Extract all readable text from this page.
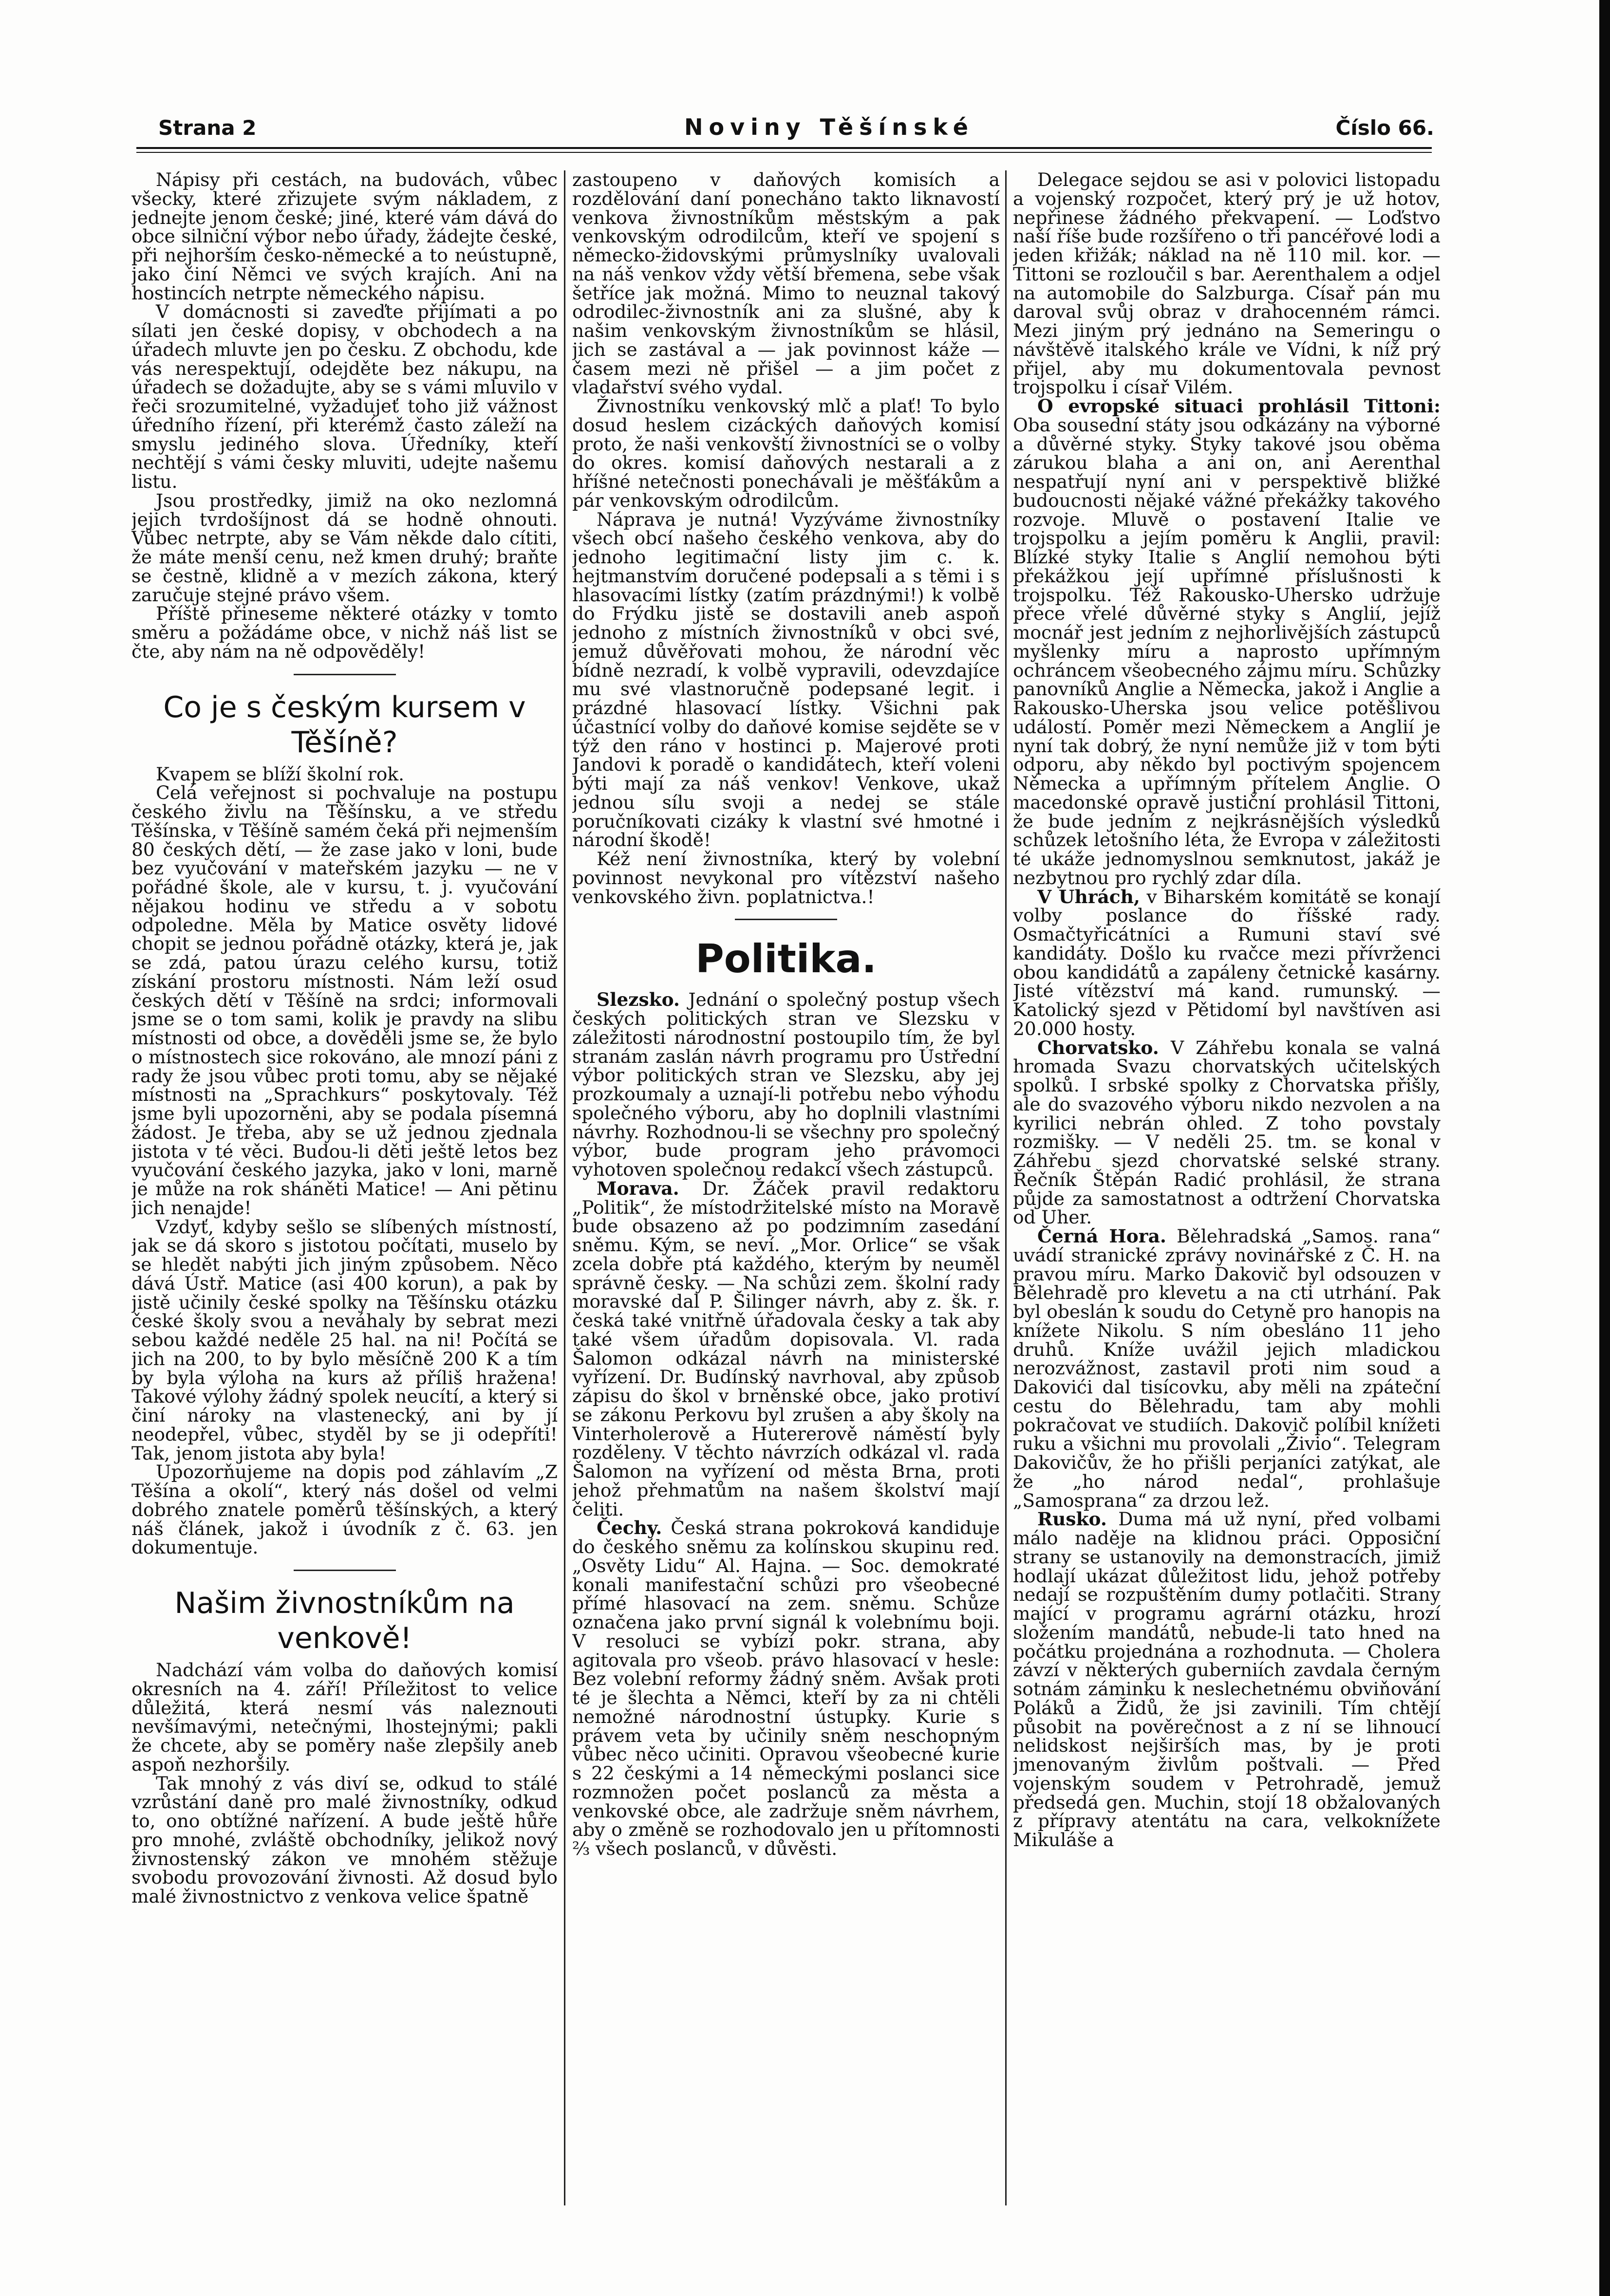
Strana 2	Noviny Těšínské	Číslo 66.

Nápisy při cestách, na budovách, vůbec všecky, které zřizujete svým nákladem, z jednejte jenom české; jiné, které vám dává do obce silniční výbor nebo úřady, žádejte české, při nejhorším česko-německé a to neústupně, jako činí Němci ve svých krajích. Ani na hostincích netrpte německého nápisu.

V domácnosti si zaveďte přijímati a po sílati jen české dopisy, v obchodech a na úřadech mluvte jen po česku. Z obchodu, kde vás nerespektují, odejděte bez nákupu, na úřadech se dožadujte, aby se s vámi mluvilo v řeči srozumitelné, vyžadujeť toho již vážnost úředního řízení, při kterémž často záleží na smyslu jediného slova. Úředníky, kteří nechtějí s vámi česky mluviti, udejte našemu listu.

Jsou prostředky, jimiž na oko nezlomná jejich tvrdošíjnost dá se hodně ohnouti. Vůbec netrpte, aby se Vám někde dalo cítiti, že máte menší cenu, než kmen druhý; braňte se čestně, klidně a v mezích zákona, který zaručuje stejné právo všem.

Příště přineseme některé otázky v tomto směru a požádáme obce, v nichž náš list se čte, aby nám na ně odpověděly!

Co je s českým kursem v Těšíně?

Kvapem se blíží školní rok.

Celá veřejnost si pochvaluje na postupu českého živlu na Těšínsku, a ve středu Těšínska, v Těšíně samém čeká při nejmenším 80 českých dětí, — že zase jako v loni, bude bez vyučování v mateřském jazyku — ne v pořádné škole, ale v kursu, t. j. vyučování nějakou hodinu ve středu a v sobotu odpoledne. Měla by Matice osvěty lidové chopit se jednou pořádně otázky, která je, jak se zdá, patou úrazu celého kursu, totiž získání prostoru místnosti. Nám leží osud českých dětí v Těšíně na srdci; informovali jsme se o tom sami, kolik je pravdy na slibu místnosti od obce, a dověděli jsme se, že bylo o místnostech sice rokováno, ale mnozí páni z rady že jsou vůbec proti tomu, aby se nějaké místnosti na „Sprachkurs“ poskytovaly. Též jsme byli upozorněni, aby se podala písemná žádost. Je třeba, aby se už jednou zjednala jistota v té věci. Budou-li děti ještě letos bez vyučování českého jazyka, jako v loni, marně je může na rok sháněti Matice! — Ani pětinu jich nenajde!

Vzdyť, kdyby sešlo se slíbených místností, jak se dá skoro s jistotou počítati, muselo by se hledět nabýti jich jiným způsobem. Něco dává Ústř. Matice (asi 400 korun), a pak by jistě učinily české spolky na Těšínsku otázku české školy svou a neváhaly by sebrat mezi sebou každé neděle 25 hal. na ni! Počítá se jich na 200, to by bylo měsíčně 200 K a tím by byla výloha na kurs až příliš hražena! Takové výlohy žádný spolek neucítí, a který si činí nároky na vlastenecký, ani by jí neodepřel, vůbec, styděl by se ji odepříti! Tak, jenom jistota aby byla!

Upozorňujeme na dopis pod záhlavím „Z Těšína a okolí“, který nás došel od velmi dobrého znatele poměrů těšínských, a který náš článek, jakož i úvodník z č. 63. jen dokumentuje.

Našim živnostníkům na venkově!

Nadchází vám volba do daňových komisí okresních na 4. září! Příležitost to velice důležitá, která nesmí vás naleznouti nevšímavými, netečnými, lhostejnými; pakli že chcete, aby se poměry naše zlepšily aneb aspoň nezhoršily.

Tak mnohý z vás diví se, odkud to stálé vzrůstání daně pro malé živnostníky, odkud to, ono obtížné nařízení. A bude ještě hůře pro mnohé, zvláště obchodníky, jelikož nový živnostenský zákon ve mnohém stěžuje svobodu provozování živnosti. Až dosud bylo malé živnostnictvo z venkova velice špatně

zastoupeno v daňových komisích a rozdělování daní ponecháno takto liknavostí venkova živnostníkům městským a pak venkovským odrodilcům, kteří ve spojení s německo-židovskými průmyslníky uvalovali na náš venkov vždy větší břemena, sebe však šetříce jak možná. Mimo to neuznal takový odrodilec-živnostník ani za slušné, aby k našim venkovským živnostníkům se hlásil, jich se zastával a — jak povinnost káže — časem mezi ně přišel — a jim počet z vladařství svého vydal.

Živnostníku venkovský mlč a plať! To bylo dosud heslem cizáckých daňových komisí proto, že naši venkovští živnostníci se o volby do okres. komisí daňových nestarali a z hříšné netečnosti ponechávali je měšťákům a pár venkovským odrodilcům.

Náprava je nutná! Vyzýváme živnostníky všech obcí našeho českého venkova, aby do jednoho legitimační listy jim c. k. hejtmanstvím doručené podepsali a s těmi i s hlasovacími lístky (zatím prázdnými!) k volbě do Frýdku jistě se dostavili aneb aspoň jednoho z místních živnostníků v obci své, jemuž důvěřovati mohou, že národní věc bídně nezradí, k volbě vypravili, odevzdajíce mu své vlastnoručně podepsané legit. i prázdné hlasovací lístky. Všichni pak účastnící volby do daňové komise sejděte se v týž den ráno v hostinci p. Majerové proti Jandovi k poradě o kandidátech, kteří voleni býti mají za náš venkov! Venkove, ukaž jednou sílu svoji a nedej se stále poručníkovati cizáky k vlastní své hmotné i národní škodě!

Kéž není živnostníka, který by volební povinnost nevykonal pro vítězství našeho venkovského živn. poplatnictva.!

Politika.

Slezsko. Jednání o společný postup všech českých politických stran ve Slezsku v záležitosti národnostní postoupilo tím, že byl stranám zaslán návrh programu pro Ústřední výbor politických stran ve Slezsku, aby jej prozkoumaly a uznají-li potřebu nebo výhodu společného výboru, aby ho doplnili vlastními návrhy. Rozhodnou-li se všechny pro společný výbor, bude program jeho právomoci vyhotoven společnou redakcí všech zástupců.

Morava. Dr. Žáček pravil redaktoru „Politik“, že místodržitelské místo na Moravě bude obsazeno až po podzimním zasedání sněmu. Kým, se neví. „Mor. Orlice“ se však zcela dobře ptá každého, kterým by neuměl správně česky. — Na schůzi zem. školní rady moravské dal P. Šilinger návrh, aby z. šk. r. česká také vnitřně úřadovala česky a tak aby také všem úřadům dopisovala. Vl. rada Šalomon odkázal návrh na ministerské vyřízení. Dr. Budínský navrhoval, aby způsob zápisu do škol v brněnské obce, jako protiví se zákonu Perkovu byl zrušen a aby školy na Vinterholerově a Hutererově náměstí byly rozděleny. V těchto návrzích odkázal vl. rada Šalomon na vyřízení od města Brna, proti jehož přehmatům na našem školství mají čeliti.

Čechy. Česká strana pokroková kandiduje do českého sněmu za kolínskou skupinu red. „Osvěty Lidu“ Al. Hajna. — Soc. demokraté konali manifestační schůzi pro všeobecné přímé hlasovací na zem. sněmu. Schůze označena jako první signál k volebnímu boji. V resoluci se vybízí pokr. strana, aby agitovala pro všeob. právo hlasovací v hesle: Bez volební reformy žádný sněm. Avšak proti té je šlechta a Němci, kteří by za ni chtěli nemožné národnostní ústupky. Kurie s právem veta by učinily sněm neschopným vůbec něco učiniti. Opravou všeobecné kurie s 22 českými a 14 německými poslanci sice rozmnožen počet poslanců za města a venkovské obce, ale zadržuje sněm návrhem, aby o změně se rozhodovalo jen u přítomnosti ⅔ všech poslanců, v důvěsti.

Delegace sejdou se asi v polovici listopadu a vojenský rozpočet, který prý je už hotov, nepřinese žádného překvapení. — Loďstvo naší říše bude rozšířeno o tři pancéřové lodi a jeden křižák; náklad na ně 110 mil. kor. — Tittoni se rozloučil s bar. Aerenthalem a odjel na automobile do Salzburga. Císař pán mu daroval svůj obraz v drahocenném rámci. Mezi jiným prý jednáno na Semeringu o návštěvě italského krále ve Vídni, k níž prý přijel, aby mu dokumentovala pevnost trojspolku i císař Vilém.

O evropské situaci prohlásil Tittoni: Oba sousední státy jsou odkázány na výborné a důvěrné styky. Styky takové jsou oběma zárukou blaha a ani on, ani Aerenthal nespatřují nyní ani v perspektivě bližké budoucnosti nějaké vážné překážky takového rozvoje. Mluvě o postavení Italie ve trojspolku a jejím poměru k Anglii, pravil: Blízké styky Italie s Anglií nemohou býti překážkou její upřímné příslušnosti k trojspolku. Též Rakousko-Uhersko udržuje přece vřelé důvěrné styky s Anglií, jejíž mocnář jest jedním z nejhorlivějších zástupců myšlenky míru a naprosto upřímným ochráncem všeobecného zájmu míru. Schůzky panovníků Anglie a Německa, jakož i Anglie a Rakousko-Uherska jsou velice potěšlivou událostí. Poměr mezi Německem a Anglií je nyní tak dobrý, že nyní nemůže již v tom býti odporu, aby někdo byl poctivým spojencem Německa a upřímným přítelem Anglie. O macedonské opravě justiční prohlásil Tittoni, že bude jedním z nejkrásnějších výsledků schůzek letošního léta, že Evropa v záležitosti té ukáže jednomyslnou semknutost, jakáž je nezbytnou pro rychlý zdar díla.

V Uhrách, v Biharském komitátě se konají volby poslance do říšské rady. Osmačtyřicátníci a Rumuni staví své kandidáty. Došlo ku rvačce mezi přívrženci obou kandidátů a zapáleny četnické kasárny. Jisté vítězství má kand. rumunský. — Katolický sjezd v Pětidomí byl navštíven asi 20.000 hosty.

Chorvatsko. V Záhřebu konala se valná hromada Svazu chorvatských učitelských spolků. I srbské spolky z Chorvatska přišly, ale do svazového výboru nikdo nezvolen a na kyrilici nebrán ohled. Z toho povstaly rozmišky. — V neděli 25. tm. se konal v Záhřebu sjezd chorvatské selské strany. Řečník Štěpán Radić prohlásil, že strana půjde za samostatnost a odtržení Chorvatska od Uher.

Černá Hora. Bělehradská „Samos. rana“ uvádí stranické zprávy novinářské z Č. H. na pravou míru. Marko Dakovič byl odsouzen v Bělehradě pro klevetu a na cti utrhání. Pak byl obeslán k soudu do Cetyně pro hanopis na knížete Nikolu. S ním obesláno 11 jeho druhů. Kníže uvážil jejich mladickou nerozvážnost, zastavil proti nim soud a Dakovići dal tisícovku, aby měli na zpáteční cestu do Bělehradu, tam aby mohli pokračovat ve studiích. Dakovič políbil knížeti ruku a všichni mu provolali „Živio“. Telegram Dakovičův, že ho přišli perjaníci zatýkat, ale že „ho národ nedal“, prohlašuje „Samosprana“ za drzou lež.

Rusko. Duma má už nyní, před volbami málo naděje na klidnou práci. Opposiční strany se ustanovily na demonstracích, jimiž hodlají ukázat důležitost lidu, jehož potřeby nedají se rozpuštěním dumy potlačiti. Strany mající v programu agrární otázku, hrozí složením mandátů, nebude-li tato hned na počátku projednána a rozhodnuta. — Cholera závzí v některých guberniích zavdala černým sotnám záminku k neslechetnému obviňování Poláků a Židů, že jsi zavinili. Tím chtějí působit na pověrečnost a z ní se lihnoucí nelidskost nejširších mas, by je proti jmenovaným živlům poštvali. — Před vojenským soudem v Petrohradě, jemuž předsedá gen. Muchin, stojí 18 obžalovaných z přípravy atentátu na cara, velkoknížete Mikuláše a
